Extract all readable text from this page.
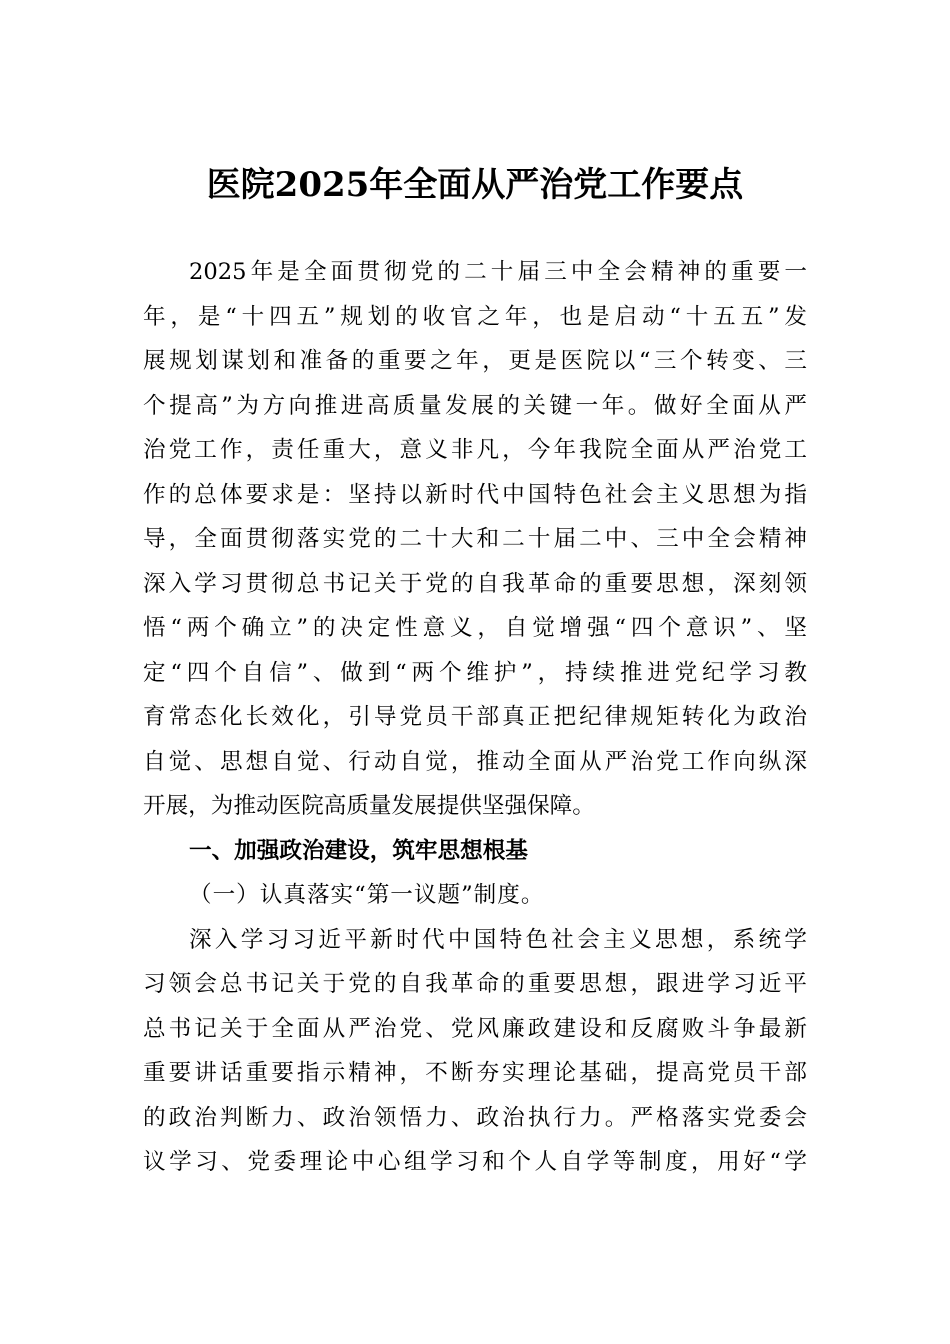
医院2025年全面从严治党工作要点
2025年是全面贯彻党的二十届三中全会精神的重要一
年，是“十四五”规划的收官之年，也是启动“十五五”发
展规划谋划和准备的重要之年，更是医院以“三个转变、三
个提高”为方向推进高质量发展的关键一年。做好全面从严
治党工作，责任重大，意义非凡，今年我院全面从严治党工
作的总体要求是：坚持以新时代中国特色社会主义思想为指
导，全面贯彻落实党的二十大和二十届二中、三中全会精神
深入学习贯彻总书记关于党的自我革命的重要思想，深刻领
悟“两个确立”的决定性意义，自觉增强“四个意识”、坚
定“四个自信”、做到“两个维护”，持续推进党纪学习教
育常态化长效化，引导党员干部真正把纪律规矩转化为政治
自觉、思想自觉、行动自觉，推动全面从严治党工作向纵深
开展，为推动医院高质量发展提供坚强保障。
一、加强政治建设，筑牢思想根基
（一）认真落实“第一议题”制度。
深入学习习近平新时代中国特色社会主义思想，系统学
习领会总书记关于党的自我革命的重要思想，跟进学习近平
总书记关于全面从严治党、党风廉政建设和反腐败斗争最新
重要讲话重要指示精神，不断夯实理论基础，提高党员干部
的政治判断力、政治领悟力、政治执行力。严格落实党委会
议学习、党委理论中心组学习和个人自学等制度，用好“学
